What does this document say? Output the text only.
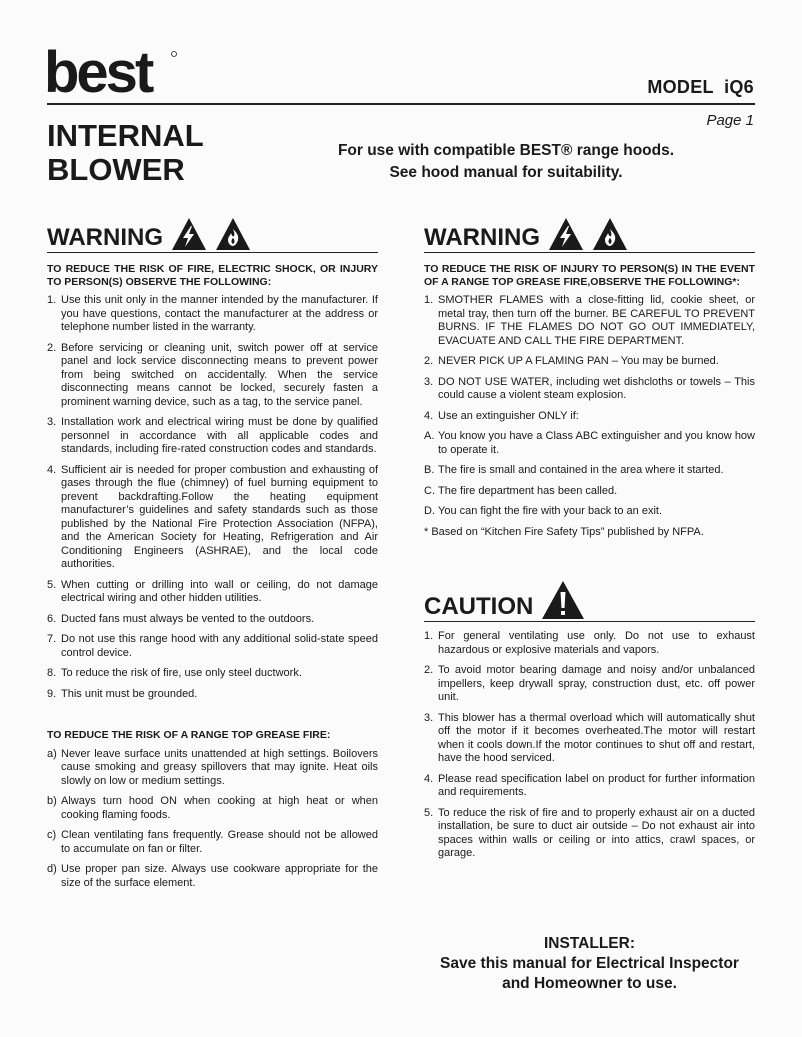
best	MODEL  iQ6
Page 1
INTERNAL
BLOWER
For use with compatible BEST® range hoods.
See hood manual for suitability.
WARNING
TO REDUCE THE RISK OF FIRE, ELECTRIC SHOCK, OR INJURY TO PERSON(S) OBSERVE THE FOLLOWING:
1. Use this unit only in the manner intended by the manufacturer. If you have questions, contact the manufacturer at the address or telephone number listed in the warranty.
2. Before servicing or cleaning unit, switch power off at service panel and lock service disconnecting means to prevent power from being switched on accidentally. When the service disconnecting means cannot be locked, securely fasten a prominent warning device, such as a tag, to the service panel.
3. Installation work and electrical wiring must be done by qualified personnel in accordance with all applicable codes and standards, including fire-rated construction codes and standards.
4. Sufficient air is needed for proper combustion and exhausting of gases through the flue (chimney) of fuel burning equipment to prevent backdrafting.Follow the heating equipment manufacturer’s guidelines and safety standards such as those published by the National Fire Protection Association (NFPA), and the American Society for Heating, Refrigeration and Air Conditioning Engineers (ASHRAE), and the local code authorities.
5. When cutting or drilling into wall or ceiling, do not damage electrical wiring and other hidden utilities.
6. Ducted fans must always be vented to the outdoors.
7. Do not use this range hood with any additional solid-state speed control device.
8. To reduce the risk of fire, use only steel ductwork.
9. This unit must be grounded.
TO REDUCE THE RISK OF A RANGE TOP GREASE FIRE:
a) Never leave surface units unattended at high settings. Boilovers cause smoking and greasy spillovers that may ignite. Heat oils slowly on low or medium settings.
b) Always turn hood ON when cooking at high heat or when cooking flaming foods.
c) Clean ventilating fans frequently. Grease should not be allowed to accumulate on fan or filter.
d) Use proper pan size. Always use cookware appropriate for the size of the surface element.
WARNING
TO REDUCE THE RISK OF INJURY TO PERSON(S) IN THE EVENT OF A RANGE TOP GREASE FIRE,OBSERVE THE FOLLOWING*:
1. SMOTHER FLAMES with a close-fitting lid, cookie sheet, or metal tray, then turn off the burner. BE CAREFUL TO PREVENT BURNS. IF THE FLAMES DO NOT GO OUT IMMEDIATELY, EVACUATE AND CALL THE FIRE DEPARTMENT.
2. NEVER PICK UP A FLAMING PAN – You may be burned.
3. DO NOT USE WATER, including wet dishcloths or towels – This could cause a violent steam explosion.
4. Use an extinguisher ONLY if:
A. You know you have a Class ABC extinguisher and you know how to operate it.
B. The fire is small and contained in the area where it started.
C. The fire department has been called.
D. You can fight the fire with your back to an exit.

* Based on “Kitchen Fire Safety Tips” published by NFPA.

CAUTION
1. For general ventilating use only. Do not use to exhaust hazardous or explosive materials and vapors.
2. To avoid motor bearing damage and noisy and/or unbalanced impellers, keep drywall spray, construction dust, etc. off power unit.
3. This blower has a thermal overload which will automatically shut off the motor if it becomes overheated.The motor will restart when it cools down.If the motor continues to shut off and restart, have the hood serviced.
4. Please read specification label on product for further information and requirements.
5. To reduce the risk of fire and to properly exhaust air on a ducted installation, be sure to duct air outside – Do not exhaust air into spaces within walls or ceiling or into attics, crawl spaces, or garage.
INSTALLER:
Save this manual for Electrical Inspector
and Homeowner to use.
